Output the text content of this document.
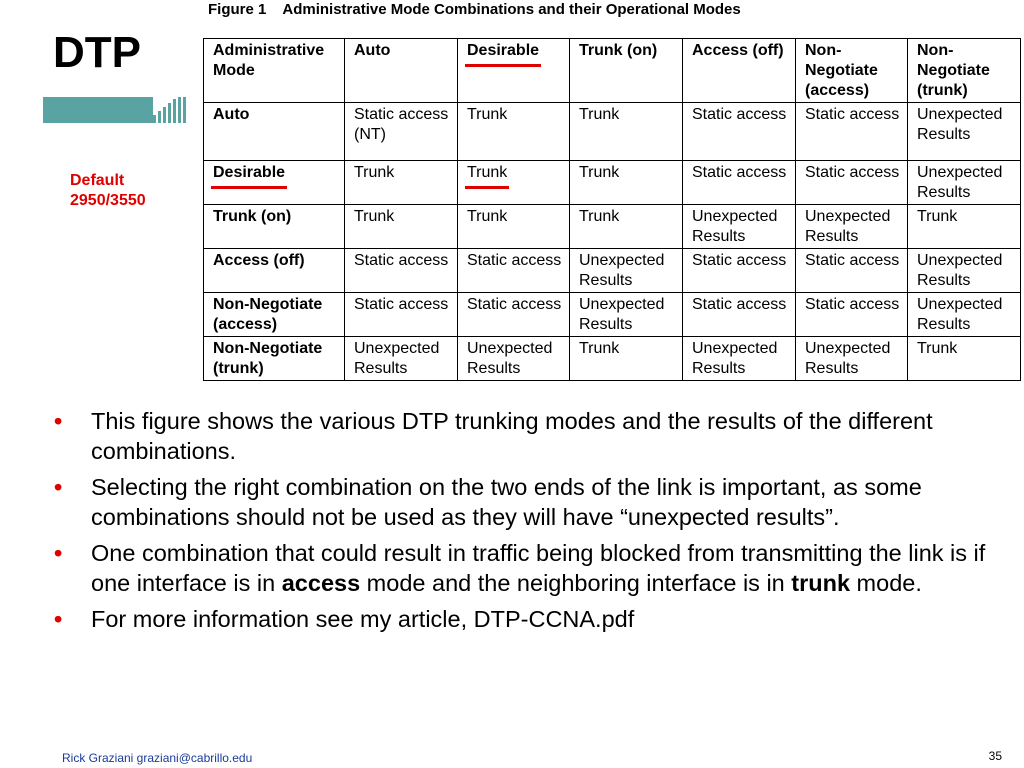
DTP
Default
2950/3550
Figure 1 Administrative Mode Combinations and their Operational Modes
Administrative Mode	Auto	Desirable	Trunk (on)	Access (off)	Non-Negotiate (access)	Non-Negotiate (trunk)
Auto	Static access (NT)	Trunk	Trunk	Static access	Static access	Unexpected Results
Desirable	Trunk	Trunk	Trunk	Static access	Static access	Unexpected Results
Trunk (on)	Trunk	Trunk	Trunk	Unexpected Results	Unexpected Results	Trunk
Access (off)	Static access	Static access	Unexpected Results	Static access	Static access	Unexpected Results
Non-Negotiate (access)	Static access	Static access	Unexpected Results	Static access	Static access	Unexpected Results
Non-Negotiate (trunk)	Unexpected Results	Unexpected Results	Trunk	Unexpected Results	Unexpected Results	Trunk
• This figure shows the various DTP trunking modes and the results of the different combinations.
• Selecting the right combination on the two ends of the link is important, as some combinations should not be used as they will have “unexpected results”.
• One combination that could result in traffic being blocked from transmitting the link is if one interface is in access mode and the neighboring interface is in trunk mode.
• For more information see my article, DTP-CCNA.pdf
Rick Graziani graziani@cabrillo.edu	35
